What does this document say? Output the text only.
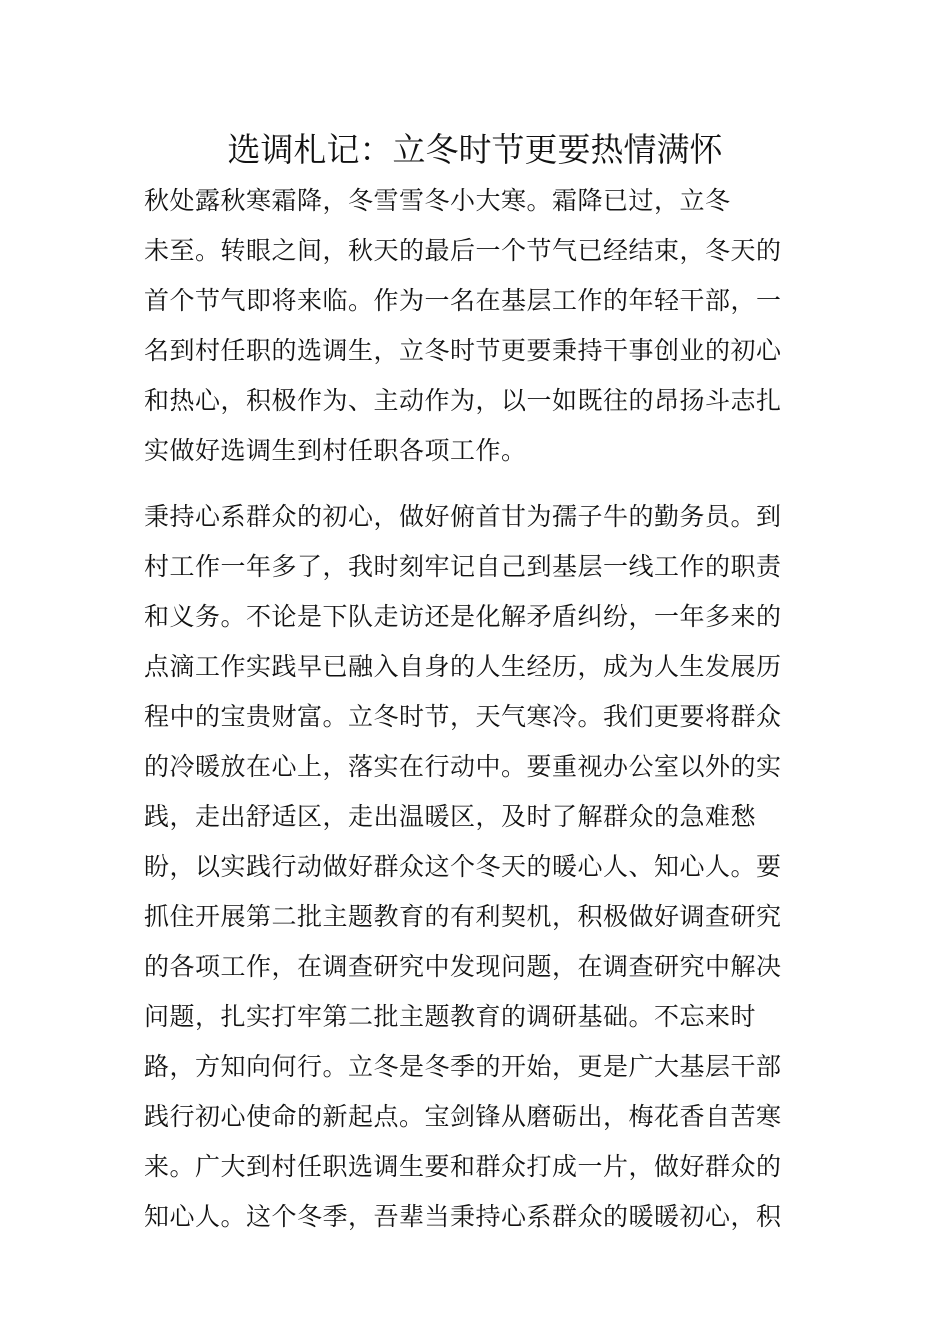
选调札记：立冬时节更要热情满怀
秋处露秋寒霜降，冬雪雪冬小大寒。霜降已过，立冬
未至。转眼之间，秋天的最后一个节气已经结束，冬天的
首个节气即将来临。作为一名在基层工作的年轻干部，一
名到村任职的选调生，立冬时节更要秉持干事创业的初心
和热心，积极作为、主动作为，以一如既往的昂扬斗志扎
实做好选调生到村任职各项工作。
秉持心系群众的初心，做好俯首甘为孺子牛的勤务员。到
村工作一年多了，我时刻牢记自己到基层一线工作的职责
和义务。不论是下队走访还是化解矛盾纠纷，一年多来的
点滴工作实践早已融入自身的人生经历，成为人生发展历
程中的宝贵财富。立冬时节，天气寒冷。我们更要将群众
的冷暖放在心上，落实在行动中。要重视办公室以外的实
践，走出舒适区，走出温暖区，及时了解群众的急难愁
盼，以实践行动做好群众这个冬天的暖心人、知心人。要
抓住开展第二批主题教育的有利契机，积极做好调查研究
的各项工作，在调查研究中发现问题，在调查研究中解决
问题，扎实打牢第二批主题教育的调研基础。不忘来时
路，方知向何行。立冬是冬季的开始，更是广大基层干部
践行初心使命的新起点。宝剑锋从磨砺出，梅花香自苦寒
来。广大到村任职选调生要和群众打成一片，做好群众的
知心人。这个冬季，吾辈当秉持心系群众的暖暖初心，积
